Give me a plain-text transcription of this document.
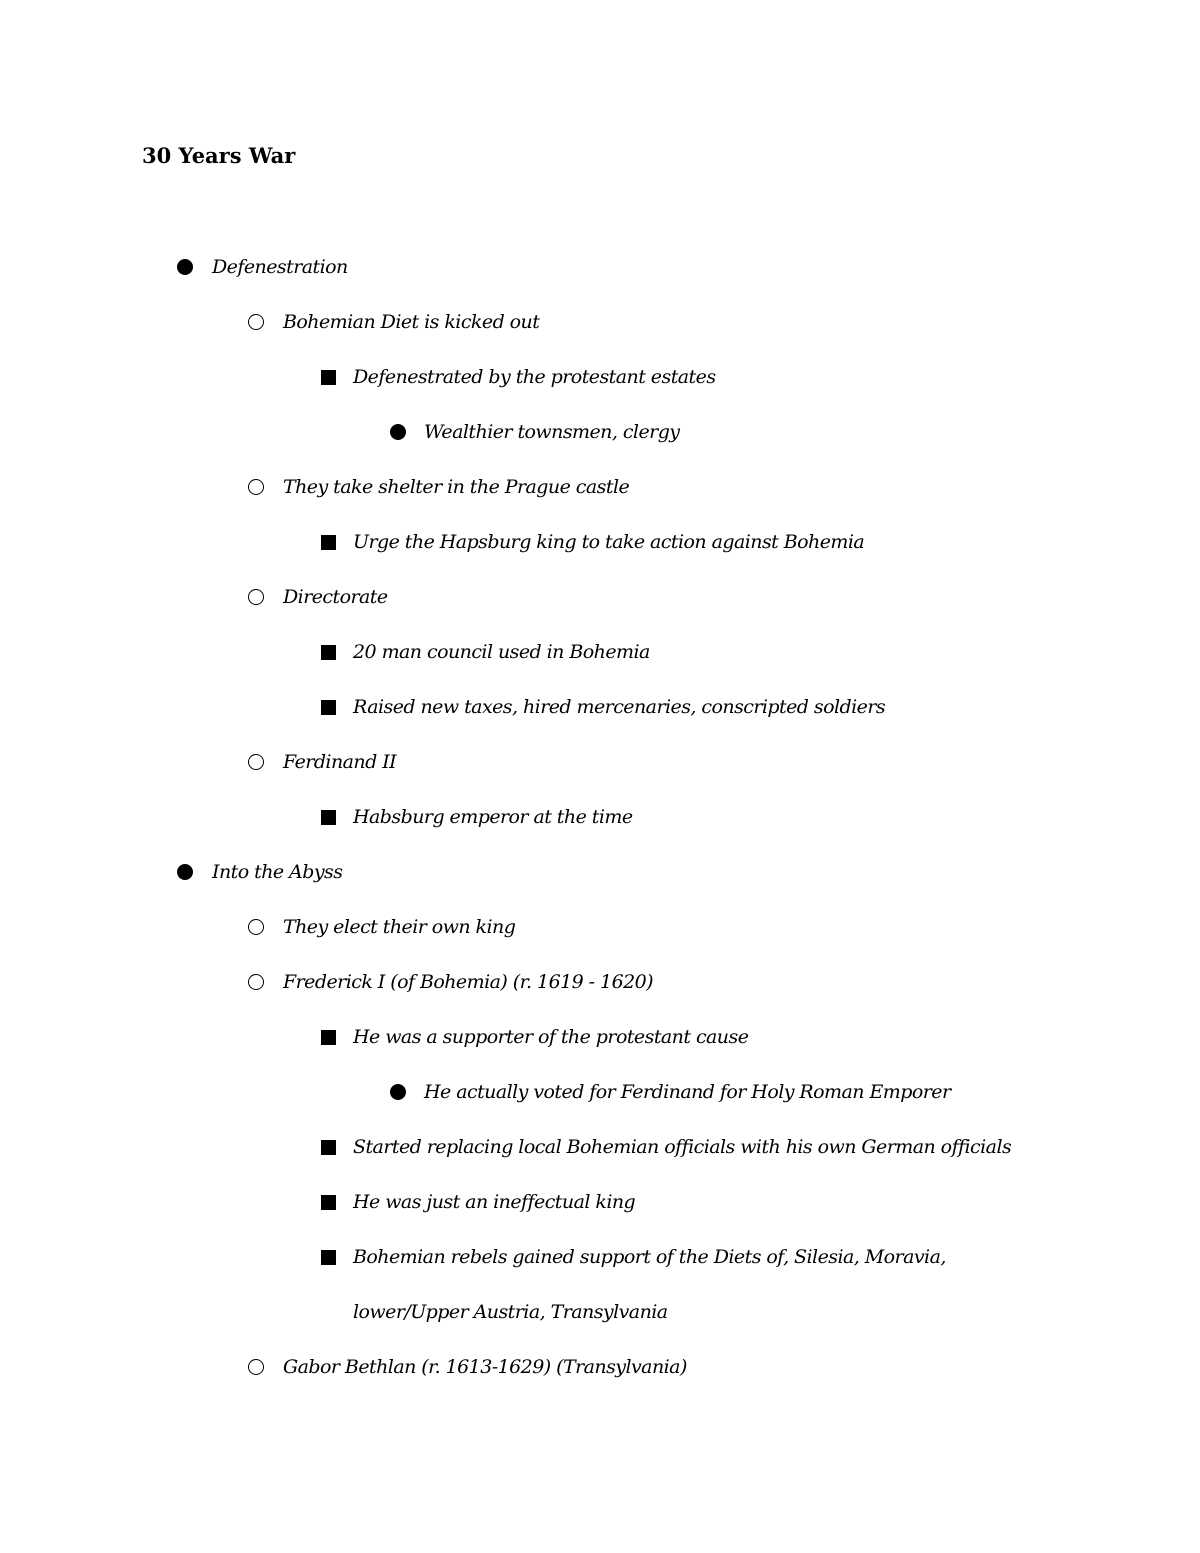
30 Years War
Defenestration
Bohemian Diet is kicked out
Defenestrated by the protestant estates
Wealthier townsmen, clergy
They take shelter in the Prague castle
Urge the Hapsburg king to take action against Bohemia
Directorate
20 man council used in Bohemia
Raised new taxes, hired mercenaries, conscripted soldiers
Ferdinand II
Habsburg emperor at the time
Into the Abyss
They elect their own king
Frederick I (of Bohemia) (r. 1619 - 1620)
He was a supporter of the protestant cause
He actually voted for Ferdinand for Holy Roman Emporer
Started replacing local Bohemian officials with his own German officials
He was just an ineffectual king
Bohemian rebels gained support of the Diets of, Silesia, Moravia,
lower/Upper Austria, Transylvania
Gabor Bethlan (r. 1613-1629) (Transylvania)
